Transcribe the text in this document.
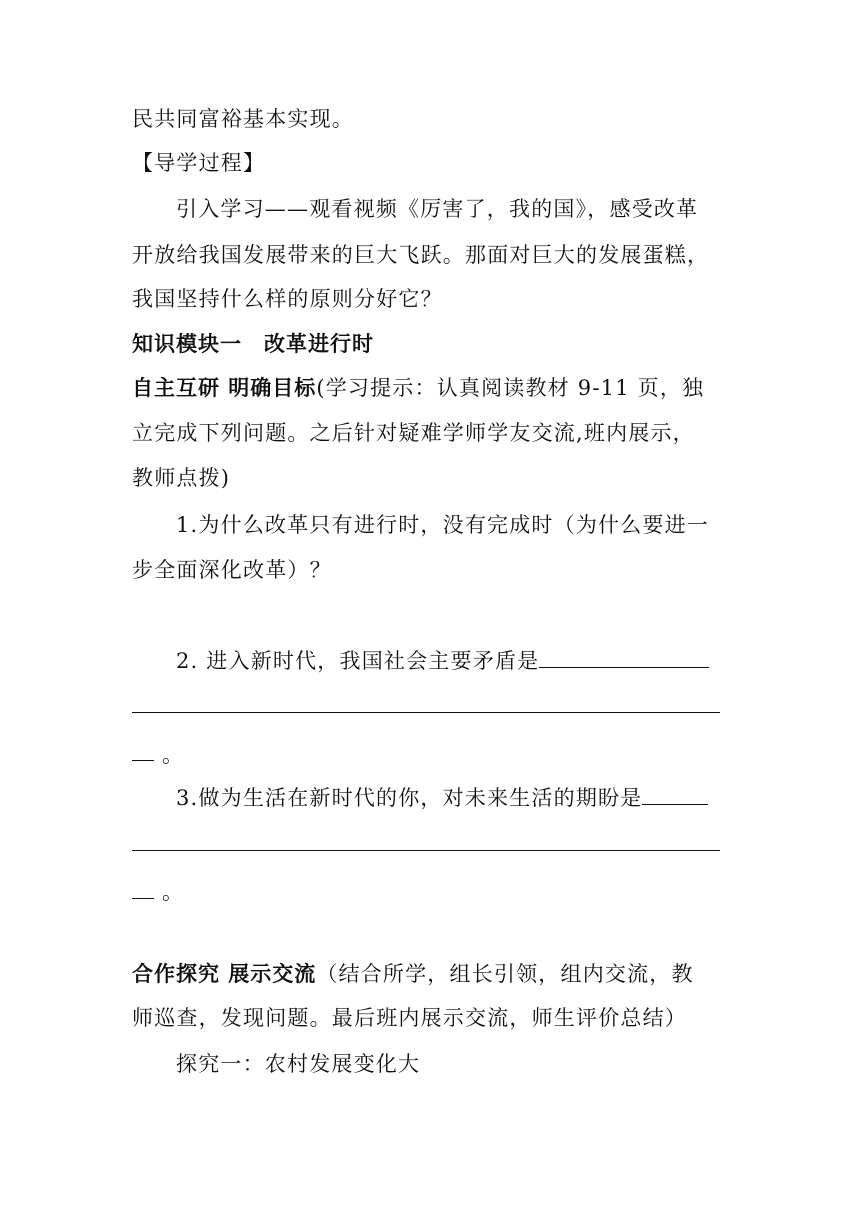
民共同富裕基本实现。
【导学过程】
引入学习——观看视频《厉害了，我的国》，感受改革
开放给我国发展带来的巨大飞跃。那面对巨大的发展蛋糕，
我国坚持什么样的原则分好它？
知识模块一　改革进行时
自主互研 明确目标(学习提示：认真阅读教材 9-11 页，独
立完成下列问题。之后针对疑难学师学友交流,班内展示，
教师点拨)
1.为什么改革只有进行时，没有完成时（为什么要进一
步全面深化改革）？
2. 进入新时代，我国社会主要矛盾是
。
3.做为生活在新时代的你，对未来生活的期盼是
。
合作探究 展示交流（结合所学，组长引领，组内交流，教
师巡查，发现问题。最后班内展示交流，师生评价总结）
探究一：农村发展变化大
